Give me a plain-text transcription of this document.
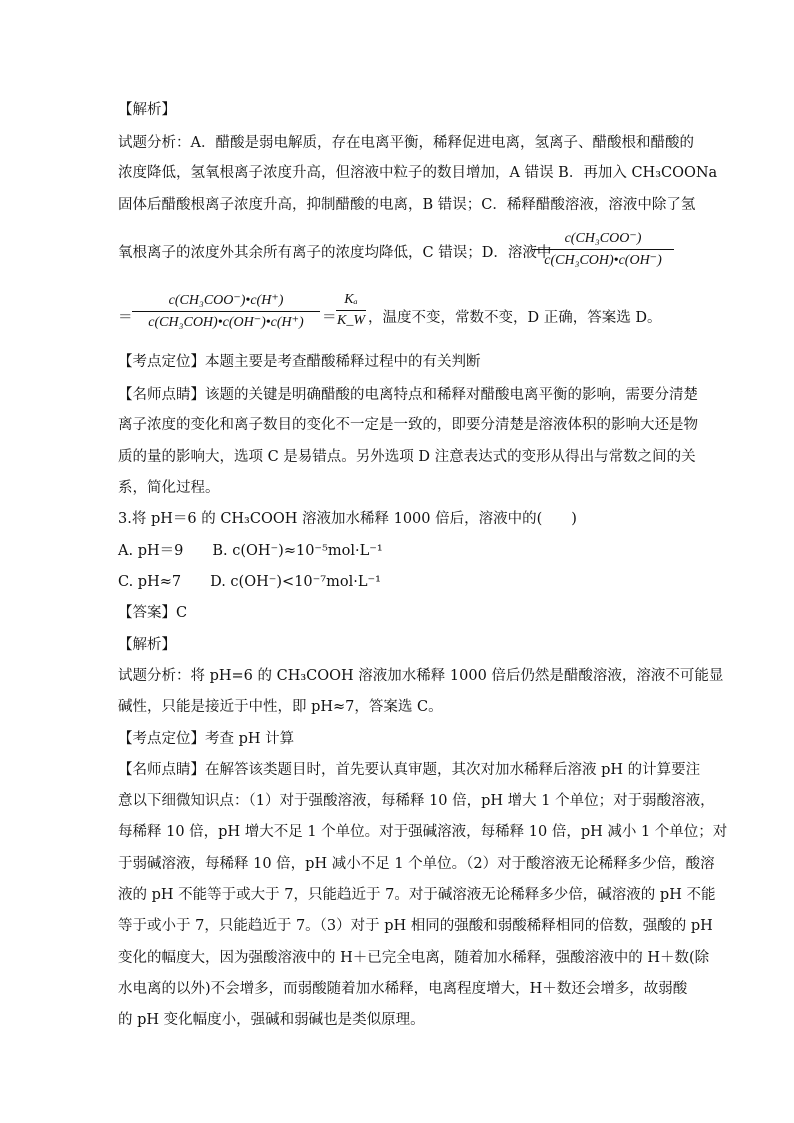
【解析】
试题分析：A．醋酸是弱电解质，存在电离平衡，稀释促进电离，氢离子、醋酸根和醋酸的
浓度降低，氢氧根离子浓度升高，但溶液中粒子的数目增加，A 错误 B．再加入 CH₃COONa
固体后醋酸根离子浓度升高，抑制醋酸的电离，B 错误；C．稀释醋酸溶液，溶液中除了氢
氧根离子的浓度外其余所有离子的浓度均降低，C 错误；D．溶液中
c(CH₃COO⁻)
c(CH₃COH)•c(OH⁻)
＝
c(CH₃COO⁻)•c(H⁺)
c(CH₃COH)•c(OH⁻)•c(H⁺)	＝
Kₐ
K_W ，温度不变，常数不变，D 正确，答案选 D。
【考点定位】本题主要是考查醋酸稀释过程中的有关判断
【名师点睛】该题的关键是明确醋酸的电离特点和稀释对醋酸电离平衡的影响，需要分清楚
离子浓度的变化和离子数目的变化不一定是一致的，即要分清楚是溶液体积的影响大还是物
质的量的影响大，选项 C 是易错点。另外选项 D 注意表达式的变形从得出与常数之间的关
系，简化过程。
3.将 pH＝6 的 CH₃COOH 溶液加水稀释 1000 倍后，溶液中的(　　)
A. pH＝9　　B. c(OH⁻)≈10⁻⁵mol·L⁻¹
C. pH≈7　　D. c(OH⁻)<10⁻⁷mol·L⁻¹
【答案】C
【解析】
试题分析：将 pH=6 的 CH₃COOH 溶液加水稀释 1000 倍后仍然是醋酸溶液，溶液不可能显
碱性，只能是接近于中性，即 pH≈7，答案选 C。
【考点定位】考查 pH 计算
【名师点睛】在解答该类题目时，首先要认真审题，其次对加水稀释后溶液 pH 的计算要注
意以下细微知识点：（1）对于强酸溶液，每稀释 10 倍，pH 增大 1 个单位；对于弱酸溶液，
每稀释 10 倍，pH 增大不足 1 个单位。对于强碱溶液，每稀释 10 倍，pH 减小 1 个单位；对
于弱碱溶液，每稀释 10 倍，pH 减小不足 1 个单位。（2）对于酸溶液无论稀释多少倍，酸溶
液的 pH 不能等于或大于 7，只能趋近于 7。对于碱溶液无论稀释多少倍，碱溶液的 pH 不能
等于或小于 7，只能趋近于 7。（3）对于 pH 相同的强酸和弱酸稀释相同的倍数，强酸的 pH
变化的幅度大，因为强酸溶液中的 H＋已完全电离，随着加水稀释，强酸溶液中的 H＋数(除
水电离的以外)不会增多，而弱酸随着加水稀释，电离程度增大，H＋数还会增多，故弱酸
的 pH 变化幅度小，强碱和弱碱也是类似原理。
